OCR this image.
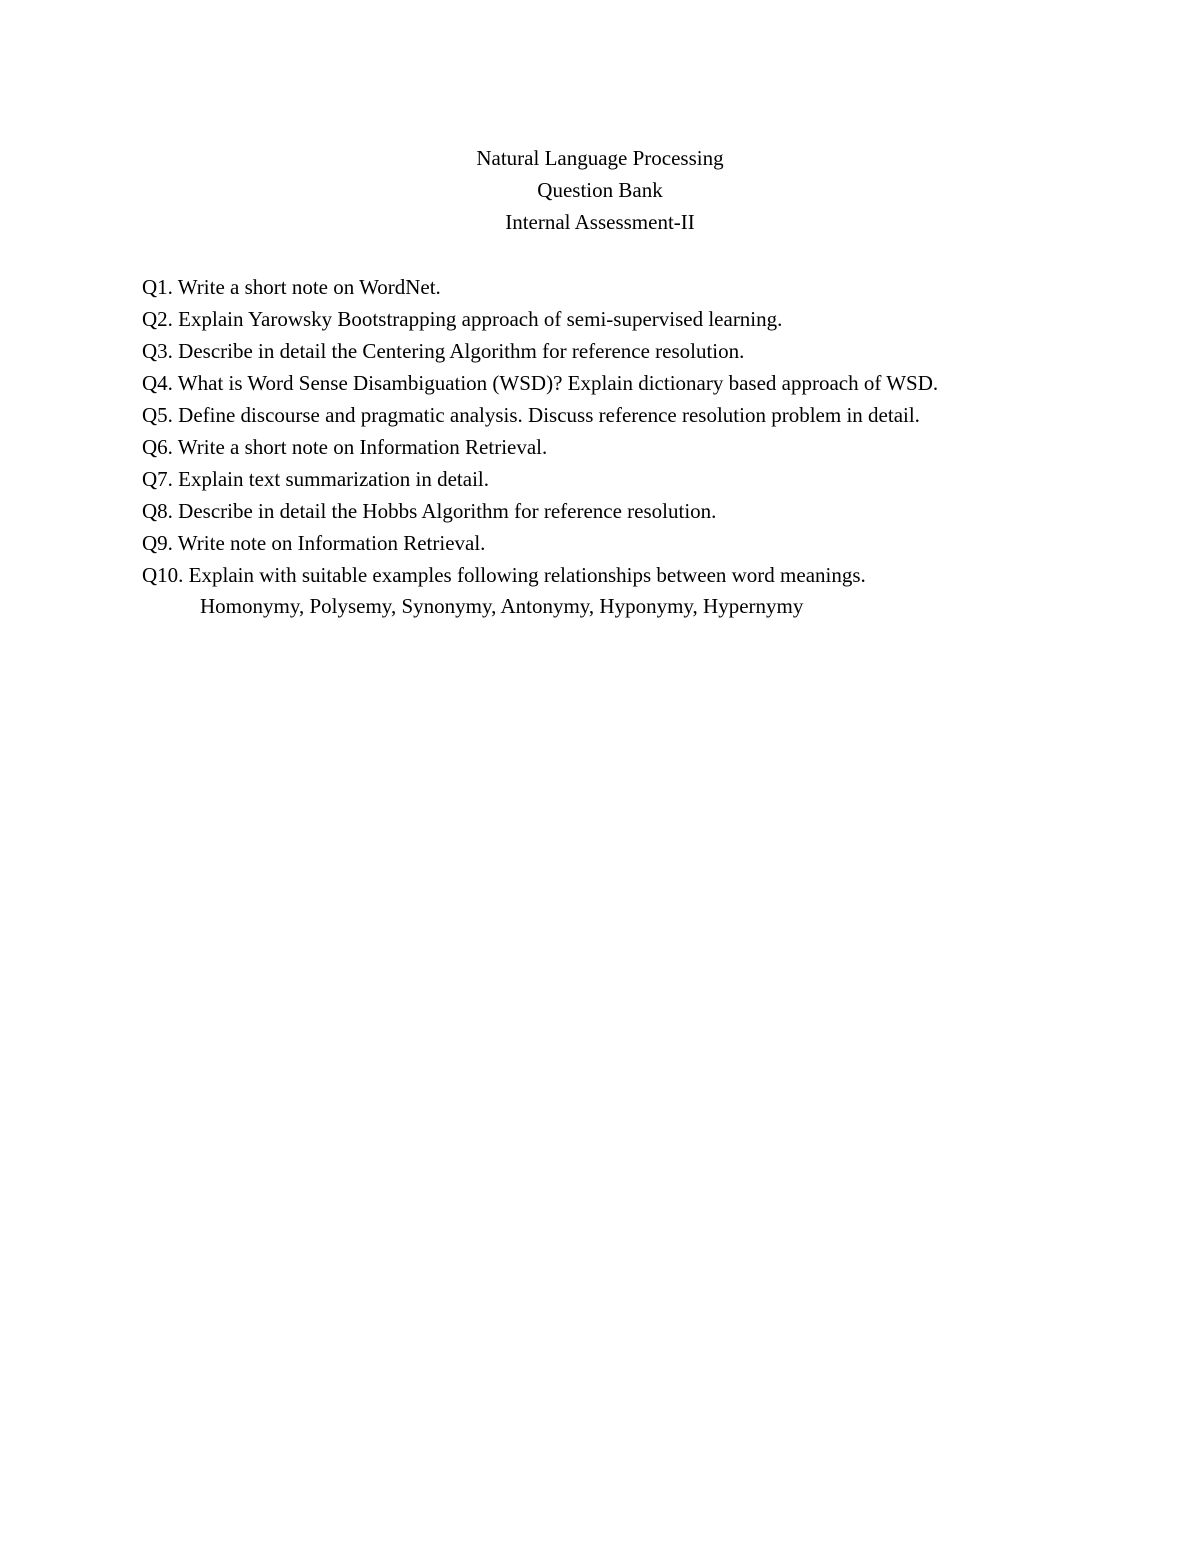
Natural Language Processing
Question Bank
Internal Assessment-II
Q1. Write a short note on WordNet.
Q2. Explain Yarowsky Bootstrapping approach of semi-supervised learning.
Q3. Describe in detail the Centering Algorithm for reference resolution.
Q4. What is Word Sense Disambiguation (WSD)? Explain dictionary based approach of WSD.
Q5. Define discourse and pragmatic analysis. Discuss reference resolution problem in detail.
Q6. Write a short note on Information Retrieval.
Q7. Explain text summarization in detail.
Q8. Describe in detail the Hobbs Algorithm for reference resolution.
Q9. Write note on Information Retrieval.
Q10. Explain with suitable examples following relationships between word meanings.
Homonymy, Polysemy, Synonymy, Antonymy, Hyponymy, Hypernymy
